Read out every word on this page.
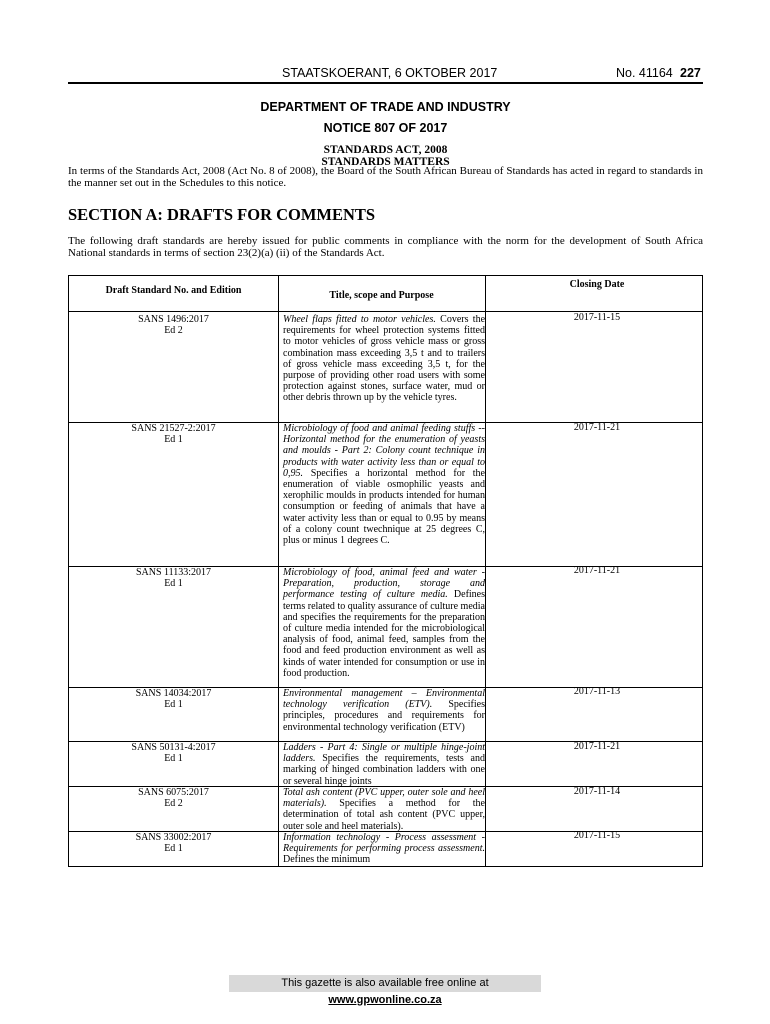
STAATSKOERANT, 6 OKTOBER 2017	No. 41164 227
DEPARTMENT OF TRADE AND INDUSTRY
NOTICE 807 OF 2017
STANDARDS ACT, 2008
STANDARDS MATTERS
In terms of the Standards Act, 2008 (Act No. 8 of 2008), the Board of the South African Bureau of Standards has acted in regard to standards in the manner set out in the Schedules to this notice.
SECTION A: DRAFTS FOR COMMENTS
The following draft standards are hereby issued for public comments in compliance with the norm for the development of South Africa National standards in terms of section 23(2)(a) (ii) of the Standards Act.
Draft Standard No. and Edition	Title, scope and Purpose
Closing Date
SANS 1496:2017
Ed 2
Wheel flaps fitted to motor vehicles. Covers the requirements for wheel protection systems fitted to motor vehicles of gross vehicle mass or gross combination mass exceeding 3,5 t and to trailers of gross vehicle mass exceeding 3,5 t, for the purpose of providing other road users with some protection against stones, surface water, mud or other debris thrown up by the vehicle tyres.
2017-11-15
SANS 21527-2:2017
Ed 1
Microbiology of food and animal feeding stuffs -- Horizontal method for the enumeration of yeasts and moulds - Part 2: Colony count technique in products with water activity less than or equal to 0,95. Specifies a horizontal method for the enumeration of viable osmophilic yeasts and xerophilic moulds in products intended for human consumption or feeding of animals that have a water activity less than or equal to 0.95 by means of a colony count twechnique at 25 degrees C, plus or minus 1 degrees C.
2017-11-21
SANS 11133:2017
Ed 1
Microbiology of food, animal feed and water - Preparation, production, storage and performance testing of culture media. Defines terms related to quality assurance of culture media and specifies the requirements for the preparation of culture media intended for the microbiological analysis of food, animal feed, samples from the food and feed production environment as well as kinds of water intended for consumption or use in food production.
2017-11-21
SANS 14034:2017
Ed 1
Environmental management – Environmental technology verification (ETV). Specifies principles, procedures and requirements for environmental technology verification (ETV)
2017-11-13
SANS 50131-4:2017
Ed 1
Ladders - Part 4: Single or multiple hinge-joint ladders. Specifies the requirements, tests and marking of hinged combination ladders with one or several hinge joints
2017-11-21
SANS 6075:2017
Ed 2
Total ash content (PVC upper, outer sole and heel materials). Specifies a method for the determination of total ash content (PVC upper, outer sole and heel materials).
2017-11-14
SANS 33002:2017
Ed 1
Information technology - Process assessment - Requirements for performing process assessment. Defines the minimum
2017-11-15
This gazette is also available free online at www.gpwonline.co.za
